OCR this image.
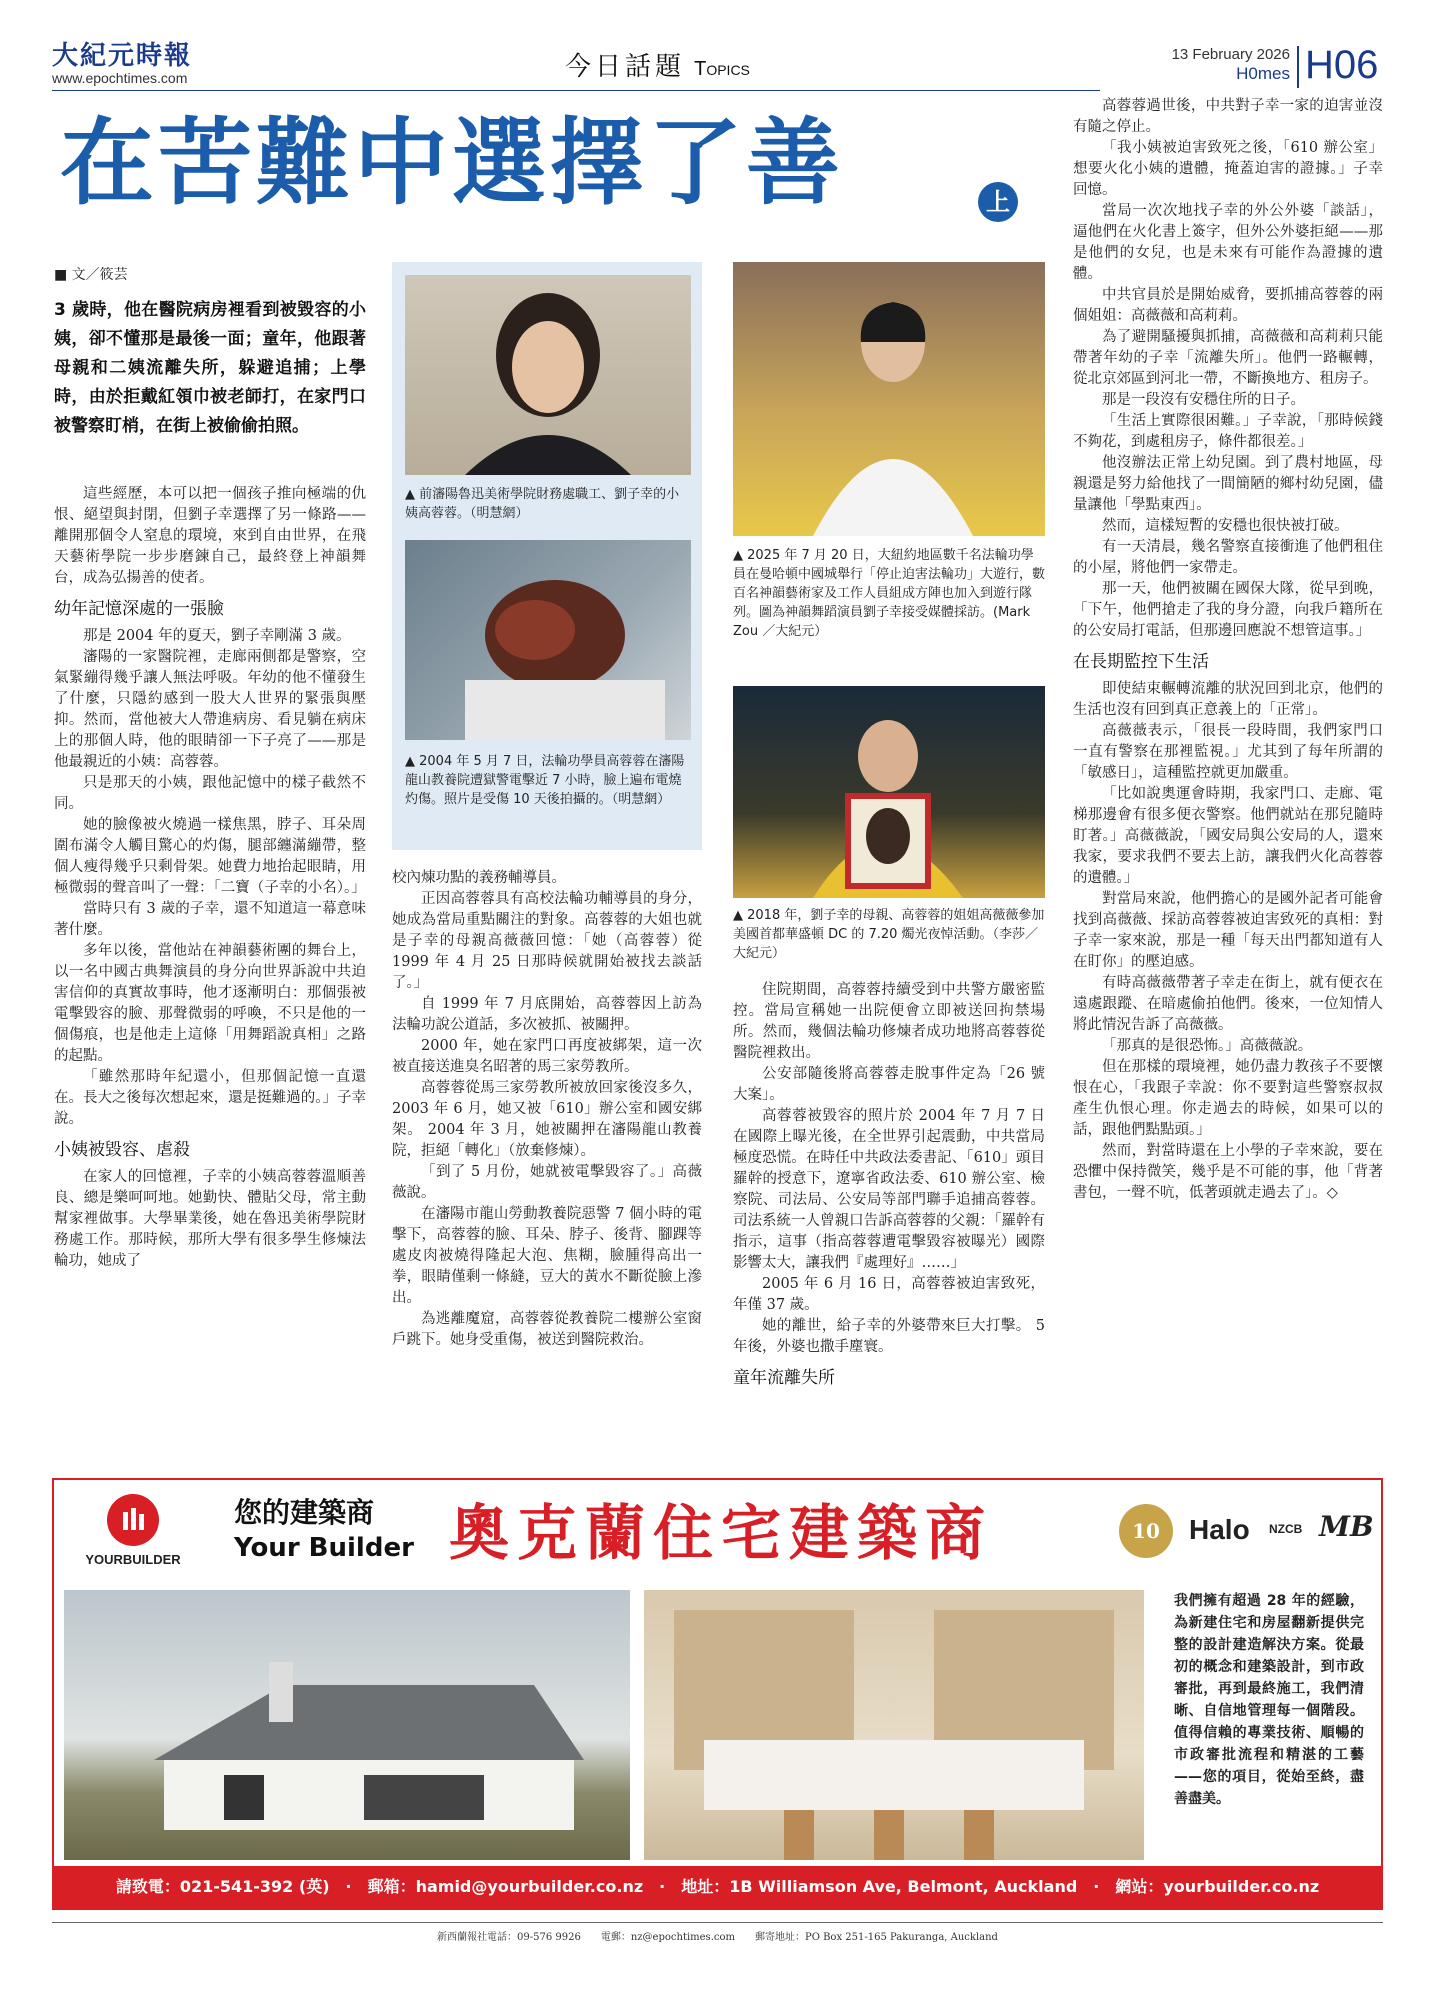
大紀元時報
www.epochtimes.com	今日話題 Topics
13 February 2026
H0mes H06
在苦難中選擇了善	上
■ 文／筱芸
3 歲時，他在醫院病房裡看到被毀容的小姨，卻不懂那是最後一面；童年，他跟著母親和二姨流離失所，躲避追捕；上學時，由於拒戴紅領巾被老師打，在家門口被警察盯梢，在街上被偷偷拍照。

這些經歷，本可以把一個孩子推向極端的仇恨、絕望與封閉，但劉子幸選擇了另一條路——離開那個令人窒息的環境，來到自由世界，在飛天藝術學院一步步磨鍊自己，最終登上神韻舞台，成為弘揚善的使者。

幼年記憶深處的一張臉

那是 2004 年的夏天，劉子幸剛滿 3 歲。

瀋陽的一家醫院裡，走廊兩側都是警察，空氣緊繃得幾乎讓人無法呼吸。年幼的他不懂發生了什麼，只隱約感到一股大人世界的緊張與壓抑。然而，當他被大人帶進病房、看見躺在病床上的那個人時，他的眼睛卻一下子亮了——那是他最親近的小姨：高蓉蓉。

只是那天的小姨，跟他記憶中的樣子截然不同。

她的臉像被火燒過一樣焦黑，脖子、耳朵周圍布滿令人觸目驚心的灼傷，腿部纏滿繃帶，整個人瘦得幾乎只剩骨架。她費力地抬起眼睛，用極微弱的聲音叫了一聲：「二寶（子幸的小名）。」

當時只有 3 歲的子幸，還不知道這一幕意味著什麼。

多年以後，當他站在神韻藝術團的舞台上，以一名中國古典舞演員的身分向世界訴說中共迫害信仰的真實故事時，他才逐漸明白：那個張被電擊毀容的臉、那聲微弱的呼喚，不只是他的一個傷痕，也是他走上這條「用舞蹈說真相」之路的起點。

「雖然那時年紀還小，但那個記憶一直還在。長大之後每次想起來，還是挺難過的。」子幸說。

小姨被毀容、虐殺

在家人的回憶裡，子幸的小姨高蓉蓉溫順善良、總是樂呵呵地。她勤快、體貼父母，常主動幫家裡做事。大學畢業後，她在魯迅美術學院財務處工作。那時候，那所大學有很多學生修煉法輪功，她成了

▲ 前瀋陽魯迅美術學院財務處職工、劉子幸的小姨高蓉蓉。（明慧網）
▲ 2004 年 5 月 7 日，法輪功學員高蓉蓉在瀋陽龍山教養院遭獄警電擊近 7 小時，臉上遍布電燒灼傷。照片是受傷 10 天後拍攝的。（明慧網）

校內煉功點的義務輔導員。

正因高蓉蓉具有高校法輪功輔導員的身分，她成為當局重點關注的對象。高蓉蓉的大姐也就是子幸的母親高薇薇回憶：「她（高蓉蓉）從 1999 年 4 月 25 日那時候就開始被找去談話了。」

自 1999 年 7 月底開始，高蓉蓉因上訪為法輪功說公道話，多次被抓、被關押。

2000 年，她在家門口再度被綁架，這一次被直接送進臭名昭著的馬三家勞教所。

高蓉蓉從馬三家勞教所被放回家後沒多久，2003 年 6 月，她又被「610」辦公室和國安綁架。 2004 年 3 月，她被關押在瀋陽龍山教養院，拒絕「轉化」（放棄修煉）。

「到了 5 月份，她就被電擊毀容了。」高薇薇說。

在瀋陽市龍山勞動教養院惡警 7 個小時的電擊下，高蓉蓉的臉、耳朵、脖子、後背、腳踝等處皮肉被燒得隆起大泡、焦糊，臉腫得高出一拳，眼睛僅剩一條縫，豆大的黃水不斷從臉上滲出。

為逃離魔窟，高蓉蓉從教養院二樓辦公室窗戶跳下。她身受重傷，被送到醫院救治。

▲ 2025 年 7 月 20 日，大紐約地區數千名法輪功學員在曼哈頓中國城舉行「停止迫害法輪功」大遊行，數百名神韻藝術家及工作人員組成方陣也加入到遊行隊列。圖為神韻舞蹈演員劉子幸接受媒體採訪。(Mark Zou ／大紀元）
▲ 2018 年，劉子幸的母親、高蓉蓉的姐姐高薇薇參加美國首都華盛頓 DC 的 7.20 燭光夜悼活動。（李莎／大紀元）

住院期間，高蓉蓉持續受到中共警方嚴密監控。當局宣稱她一出院便會立即被送回拘禁場所。然而，幾個法輪功修煉者成功地將高蓉蓉從醫院裡救出。

公安部隨後將高蓉蓉走脫事件定為「26 號大案」。

高蓉蓉被毀容的照片於 2004 年 7 月 7 日在國際上曝光後，在全世界引起震動，中共當局極度恐慌。在時任中共政法委書記、「610」頭目羅幹的授意下，遼寧省政法委、610 辦公室、檢察院、司法局、公安局等部門聯手追捕高蓉蓉。司法系統一人曾親口告訴高蓉蓉的父親：「羅幹有指示，這事（指高蓉蓉遭電擊毀容被曝光）國際影響太大，讓我們『處理好』……」

2005 年 6 月 16 日，高蓉蓉被迫害致死，年僅 37 歲。

她的離世，給子幸的外婆帶來巨大打擊。 5 年後，外婆也撒手塵寰。

童年流離失所

高蓉蓉過世後，中共對子幸一家的迫害並沒有隨之停止。

「我小姨被迫害致死之後，「610 辦公室」想要火化小姨的遺體，掩蓋迫害的證據。」子幸回憶。

當局一次次地找子幸的外公外婆「談話」，逼他們在火化書上簽字，但外公外婆拒絕——那是他們的女兒，也是未來有可能作為證據的遺體。

中共官員於是開始威脅，要抓捕高蓉蓉的兩個姐姐：高薇薇和高莉莉。

為了避開騷擾與抓捕，高薇薇和高莉莉只能帶著年幼的子幸「流離失所」。他們一路輾轉，從北京郊區到河北一帶，不斷換地方、租房子。

那是一段沒有安穩住所的日子。

「生活上實際很困難。」子幸說，「那時候錢不夠花，到處租房子，條件都很差。」

他沒辦法正常上幼兒園。到了農村地區，母親還是努力給他找了一間簡陋的鄉村幼兒園，儘量讓他「學點東西」。

然而，這樣短暫的安穩也很快被打破。

有一天清晨，幾名警察直接衝進了他們租住的小屋，將他們一家帶走。

那一天，他們被關在國保大隊，從早到晚，「下午，他們搶走了我的身分證，向我戶籍所在的公安局打電話，但那邊回應說不想管這事。」

在長期監控下生活

即使結束輾轉流離的狀況回到北京，他們的生活也沒有回到真正意義上的「正常」。

高薇薇表示，「很長一段時間，我們家門口一直有警察在那裡監視。」尤其到了每年所謂的「敏感日」，這種監控就更加嚴重。

「比如說奧運會時期，我家門口、走廊、電梯那邊會有很多便衣警察。他們就站在那兒隨時盯著。」高薇薇說，「國安局與公安局的人，還來我家，要求我們不要去上訪，讓我們火化高蓉蓉的遺體。」

對當局來說，他們擔心的是國外記者可能會找到高薇薇、採訪高蓉蓉被迫害致死的真相：對子幸一家來說，那是一種「每天出門都知道有人在盯你」的壓迫感。

有時高薇薇帶著子幸走在街上，就有便衣在遠處跟蹤、在暗處偷拍他們。後來，一位知情人將此情況告訴了高薇薇。

「那真的是很恐怖。」高薇薇說。

但在那樣的環境裡，她仍盡力教孩子不要懷恨在心，「我跟子幸說：你不要對這些警察叔叔產生仇恨心理。你走過去的時候，如果可以的話，跟他們點點頭。」

然而，對當時還在上小學的子幸來說，要在恐懼中保持微笑，幾乎是不可能的事，他「背著書包，一聲不吭，低著頭就走過去了」。◇

YOURBUILDER
您的建築商
Your Builder 奧克蘭住宅建築商	10	Halo NZCB MB
我們擁有超過 28 年的經驗，為新建住宅和房屋翻新提供完整的設計建造解決方案。從最初的概念和建築設計，到市政審批，再到最終施工，我們清晰、自信地管理每一個階段。值得信賴的專業技術、順暢的市政審批流程和精湛的工藝——您的項目，從始至終，盡善盡美。
請致電：021-541-392 (英)　·　郵箱：hamid@yourbuilder.co.nz　·　地址：1B Williamson Ave, Belmont, Auckland　·　網站：yourbuilder.co.nz
新西蘭報社電話：09-576 9926　　電郵：nz@epochtimes.com　　郵寄地址：PO Box 251-165 Pakuranga, Auckland
